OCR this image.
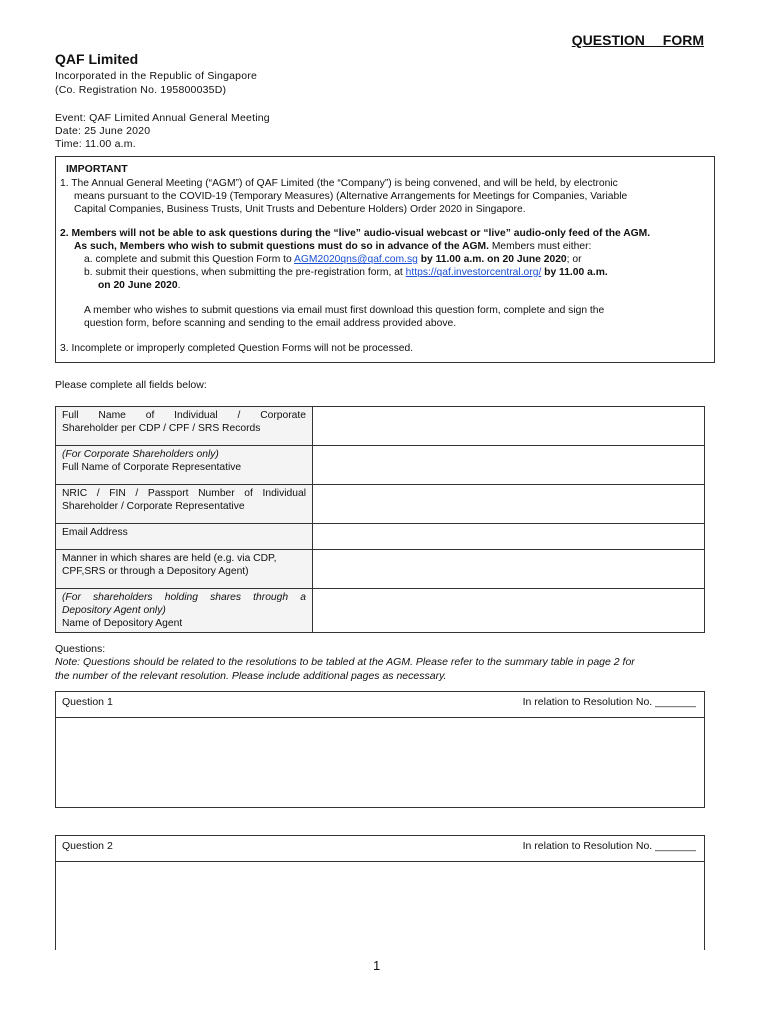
QUESTION FORM
QAF Limited
Incorporated in the Republic of Singapore
(Co. Registration No. 195800035D)
Event: QAF Limited Annual General Meeting
Date: 25 June 2020
Time: 11.00 a.m.
IMPORTANT
1. The Annual General Meeting (“AGM”) of QAF Limited (the “Company”) is being convened, and will be held, by electronic
means pursuant to the COVID-19 (Temporary Measures) (Alternative Arrangements for Meetings for Companies, Variable
Capital Companies, Business Trusts, Unit Trusts and Debenture Holders) Order 2020 in Singapore.
2. Members will not be able to ask questions during the “live” audio-visual webcast or “live” audio-only feed of the AGM.
As such, Members who wish to submit questions must do so in advance of the AGM. Members must either:
a. complete and submit this Question Form to AGM2020qns@qaf.com.sg by 11.00 a.m. on 20 June 2020; or
b. submit their questions, when submitting the pre-registration form, at https://qaf.investorcentral.org/ by 11.00 a.m.
on 20 June 2020.
A member who wishes to submit questions via email must first download this question form, complete and sign the
question form, before scanning and sending to the email address provided above.
3. Incomplete or improperly completed Question Forms will not be processed.
Please complete all fields below:
Full Name of Individual / Corporate
Shareholder per CDP / CPF / SRS Records	

(For Corporate Shareholders only)
Full Name of Corporate Representative	

NRIC / FIN / Passport Number of Individual
Shareholder / Corporate Representative	

Email Address	

Manner in which shares are held (e.g. via CDP,
CPF,SRS or through a Depository Agent)	

(For shareholders holding shares through a
Depository Agent only)
Name of Depository Agent	

Questions:
Note: Questions should be related to the resolutions to be tabled at the AGM. Please refer to the summary table in page 2 for
the number of the relevant resolution. Please include additional pages as necessary.
Question 1	In relation to Resolution No. _______
Question 2	In relation to Resolution No. _______
1
